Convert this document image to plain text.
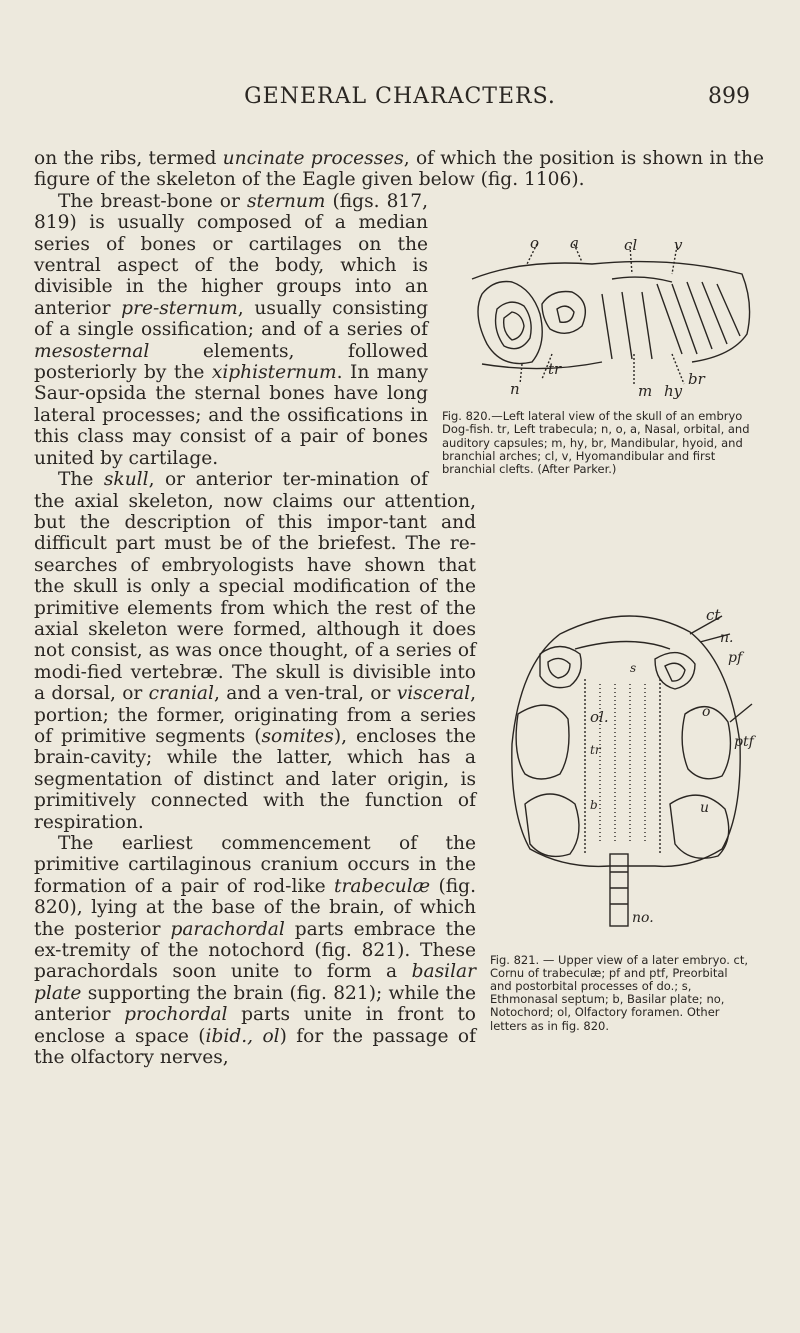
GENERAL CHARACTERS.	899

on the ribs, termed uncinate processes, of which the position is shown in the figure of the skeleton of the Eagle given below (fig. 1106).

o a	cl v
n
tr
m hy
br
Fig. 820.—Left lateral view of the skull of an embryo Dog-fish. tr, Left trabecula; n, o, a, Nasal, orbital, and auditory capsules; m, hy, br, Mandibular, hyoid, and branchial arches; cl, v, Hyomandibular and first branchial clefts. (After Parker.)

The breast-bone or sternum (figs. 817, 819) is usually composed of a median series of bones or cartilages on the ventral aspect of the body, which is divisible in the higher groups into an anterior pre-sternum, usually consisting of a single ossification; and of a series of mesosternal elements, followed posteriorly by the xiphisternum. In many Saur-opsida the sternal bones have long lateral processes; and the ossifications in this class may consist of a pair of bones united by cartilage.

ct
n.
pf
ol.	o
ptf
u
no.
s
tr
b
Fig. 821. — Upper view of a later embryo. ct, Cornu of trabeculæ; pf and ptf, Preorbital and postorbital processes of do.; s, Ethmonasal septum; b, Basilar plate; no, Notochord; ol, Olfactory foramen. Other letters as in fig. 820.

The skull, or anterior ter-mination of the axial skeleton, now claims our attention, but the description of this impor-tant and difficult part must be of the briefest. The re-searches of embryologists have shown that the skull is only a special modification of the primitive elements from which the rest of the axial skeleton were formed, although it does not consist, as was once thought, of a series of modi-fied vertebræ. The skull is divisible into a dorsal, or cranial, and a ven-tral, or visceral, portion; the former, originating from a series of primitive segments (somites), encloses the brain-cavity; while the latter, which has a segmentation of distinct and later origin, is primitively connected with the function of respiration.

The earliest commencement of the primitive cartilaginous cranium occurs in the formation of a pair of rod-like trabeculæ (fig. 820), lying at the base of the brain, of which the posterior parachordal parts embrace the ex-tremity of the notochord (fig. 821). These parachordals soon unite to form a basilar plate supporting the brain (fig. 821); while the anterior prochordal parts unite in front to enclose a space (ibid., ol) for the passage of the olfactory nerves,
